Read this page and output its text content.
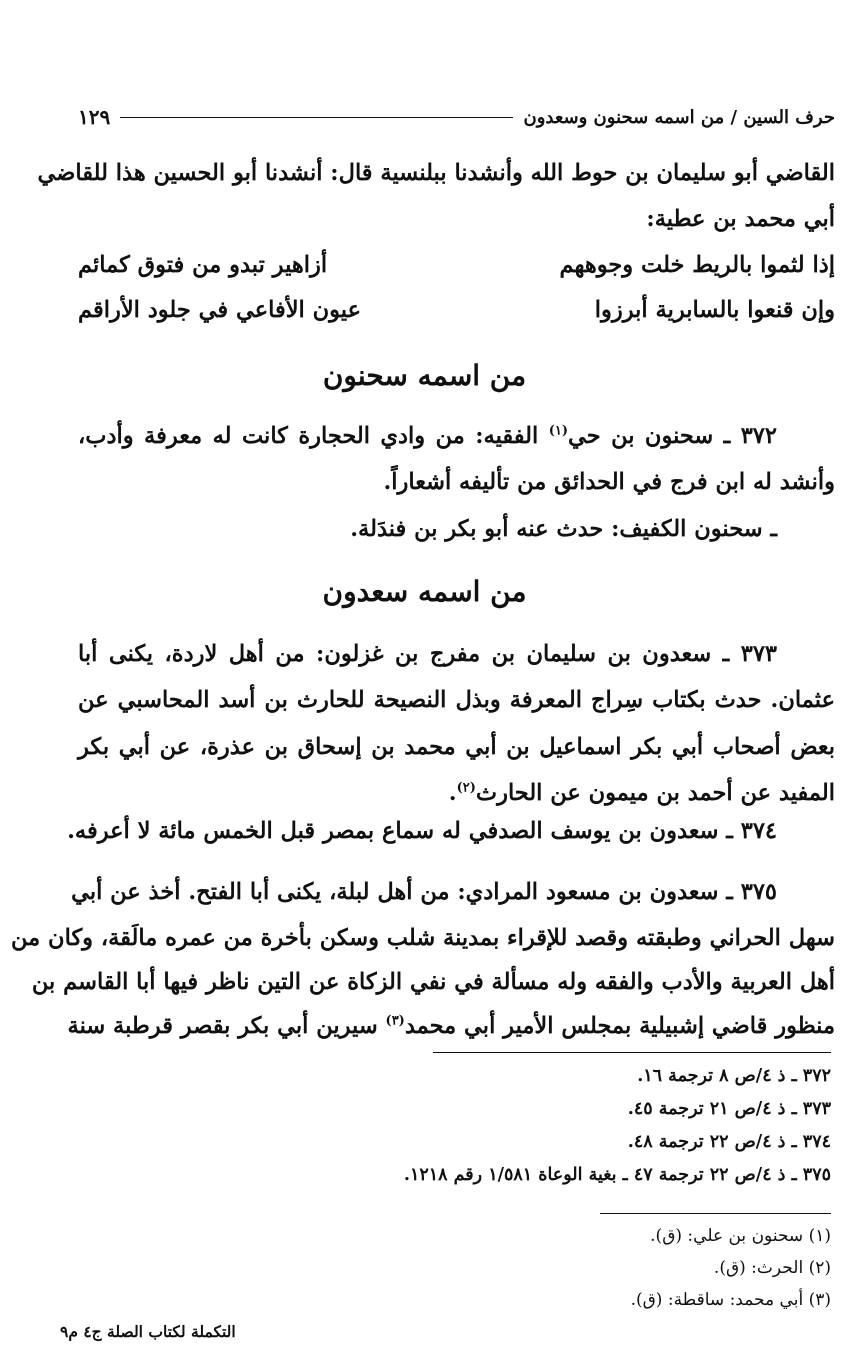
حرف السين / من اسمه سحنون وسعدون
١٢٩
القاضي أبو سليمان بن حوط الله وأنشدنا ببلنسية قال: أنشدنا أبو الحسين هذا للقاضي
أبي محمد بن عطية:
إذا لثموا بالريط خلت وجوههم
أزاهير تبدو من فتوق كمائم
وإن قنعوا بالسابرية أبرزوا
عيون الأفاعي في جلود الأراقم
من اسمه سحنون
٣٧٢ ـ سحنون بن حي$^{(١)}$ الفقيه: من وادي الحجارة كانت له معرفة وأدب،
وأنشد له ابن فرج في الحدائق من تأليفه أشعاراً.
ـ سحنون الكفيف: حدث عنه أبو بكر بن فندَلة.
من اسمه سعدون
٣٧٣ ـ سعدون بن سليمان بن مفرج بن غزلون: من أهل لاردة، يكنى أبا
عثمان. حدث بكتاب سِراج المعرفة وبذل النصيحة للحارث بن أسد المحاسبي عن
بعض أصحاب أبي بكر اسماعيل بن أبي محمد بن إسحاق بن عذرة، عن أبي بكر
المفيد عن أحمد بن ميمون عن الحارث$^{(٢)}$.
٣٧٤ ـ سعدون بن يوسف الصدفي له سماع بمصر قبل الخمس مائة لا أعرفه.
٣٧٥ ـ سعدون بن مسعود المرادي: من أهل لبلة، يكنى أبا الفتح. أخذ عن أبي
سهل الحراني وطبقته وقصد للإقراء بمدينة شلب وسكن بأخرة من عمره مالَقة، وكان من
أهل العربية والأدب والفقه وله مسألة في نفي الزكاة عن التين ناظر فيها أبا القاسم بن
منظور قاضي إشبيلية بمجلس الأمير أبي محمد$^{(٣)}$ سيرين أبي بكر بقصر قرطبة سنة
٣٧٢ ـ ذ ٤/ص ٨ ترجمة ١٦.
٣٧٣ ـ ذ ٤/ص ٢١ ترجمة ٤٥.
٣٧٤ ـ ذ ٤/ص ٢٢ ترجمة ٤٨.
٣٧٥ ـ ذ ٤/ص ٢٢ ترجمة ٤٧ ـ بغية الوعاة ١/٥٨١ رقم ١٢١٨.
(١) سحنون بن علي: (ق).
(٢) الحرث: (ق).
(٣) أبي محمد: ساقطة: (ق).
التكملة لكتاب الصلة ج٤ م٩
